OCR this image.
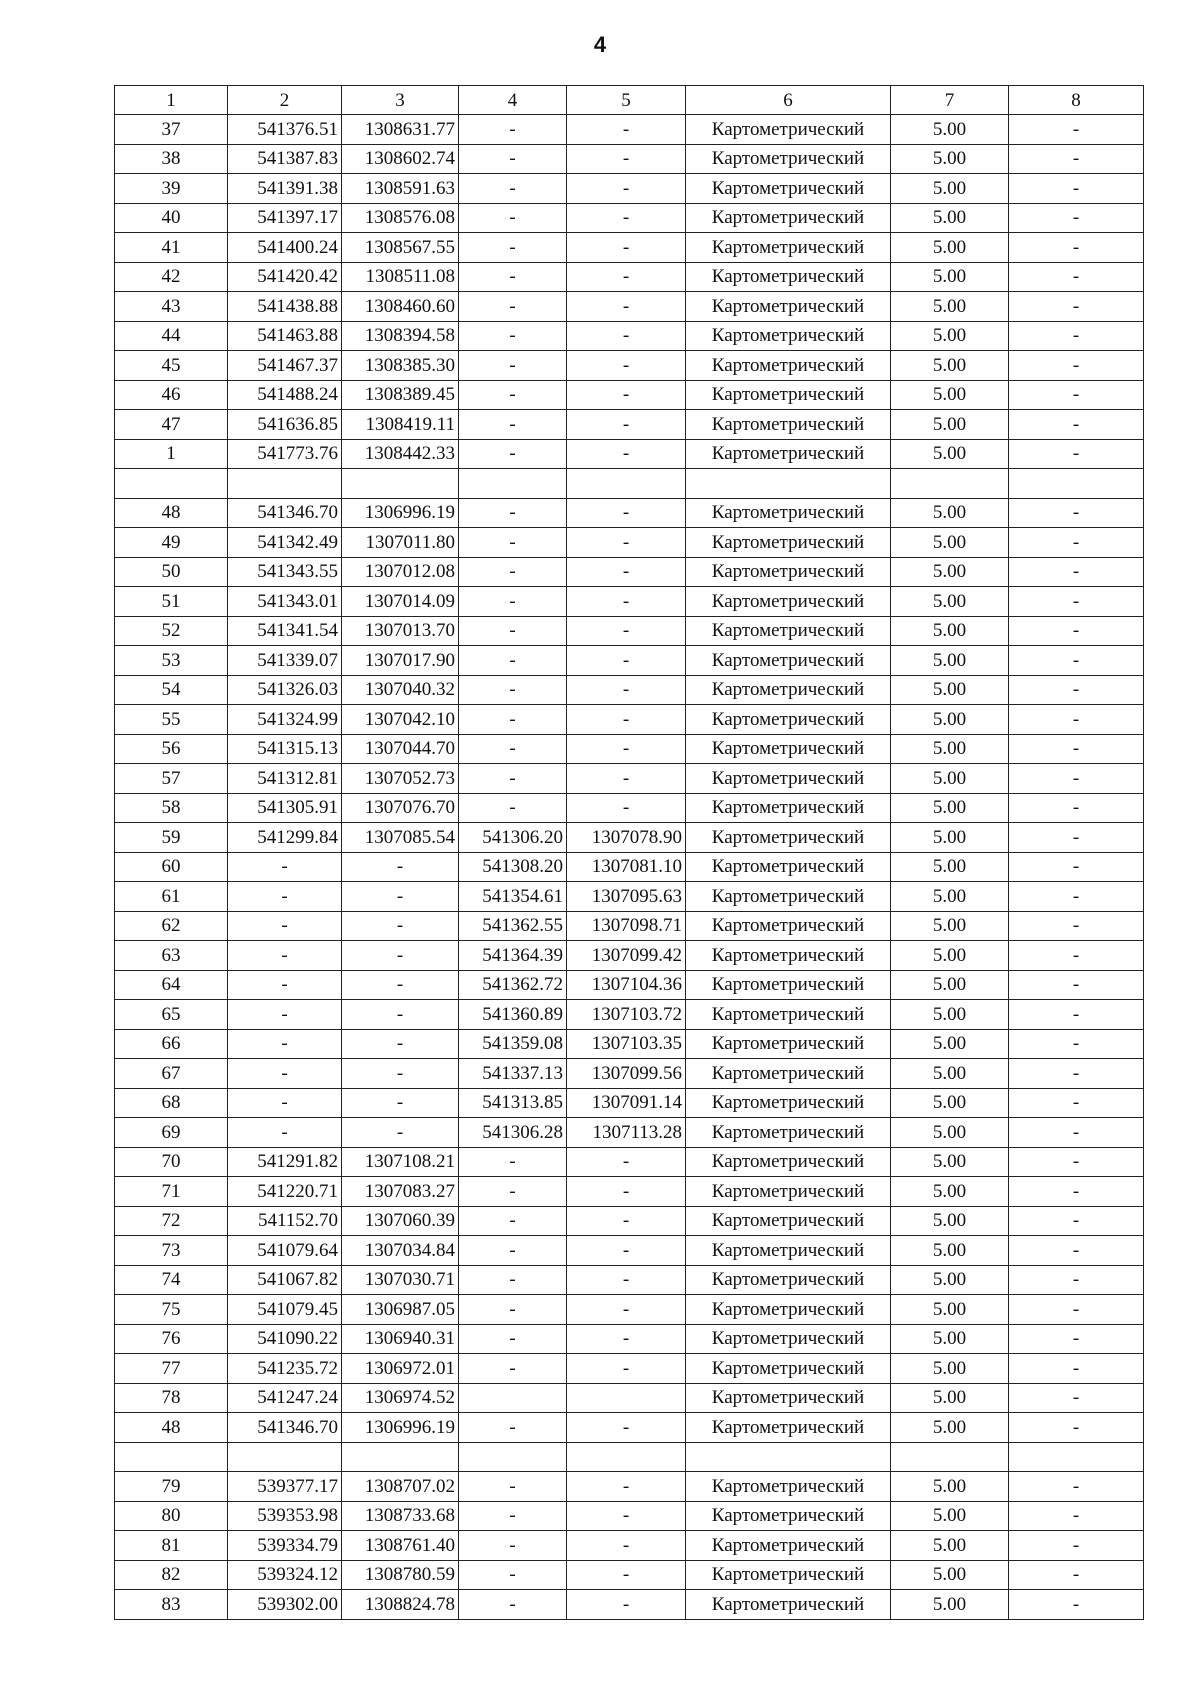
4
1	2	3	4	5	6	7	8
37	541376.51	1308631.77	-	-	Картометрический	5.00	-
38	541387.83	1308602.74	-	-	Картометрический	5.00	-
39	541391.38	1308591.63	-	-	Картометрический	5.00	-
40	541397.17	1308576.08	-	-	Картометрический	5.00	-
41	541400.24	1308567.55	-	-	Картометрический	5.00	-
42	541420.42	1308511.08	-	-	Картометрический	5.00	-
43	541438.88	1308460.60	-	-	Картометрический	5.00	-
44	541463.88	1308394.58	-	-	Картометрический	5.00	-
45	541467.37	1308385.30	-	-	Картометрический	5.00	-
46	541488.24	1308389.45	-	-	Картометрический	5.00	-
47	541636.85	1308419.11	-	-	Картометрический	5.00	-
1	541773.76	1308442.33	-	-	Картометрический	5.00	-

48	541346.70	1306996.19	-	-	Картометрический	5.00	-
49	541342.49	1307011.80	-	-	Картометрический	5.00	-
50	541343.55	1307012.08	-	-	Картометрический	5.00	-
51	541343.01	1307014.09	-	-	Картометрический	5.00	-
52	541341.54	1307013.70	-	-	Картометрический	5.00	-
53	541339.07	1307017.90	-	-	Картометрический	5.00	-
54	541326.03	1307040.32	-	-	Картометрический	5.00	-
55	541324.99	1307042.10	-	-	Картометрический	5.00	-
56	541315.13	1307044.70	-	-	Картометрический	5.00	-
57	541312.81	1307052.73	-	-	Картометрический	5.00	-
58	541305.91	1307076.70	-	-	Картометрический	5.00	-
59	541299.84	1307085.54	541306.20	1307078.90	Картометрический	5.00	-
60	-	-	541308.20	1307081.10	Картометрический	5.00	-
61	-	-	541354.61	1307095.63	Картометрический	5.00	-
62	-	-	541362.55	1307098.71	Картометрический	5.00	-
63	-	-	541364.39	1307099.42	Картометрический	5.00	-
64	-	-	541362.72	1307104.36	Картометрический	5.00	-
65	-	-	541360.89	1307103.72	Картометрический	5.00	-
66	-	-	541359.08	1307103.35	Картометрический	5.00	-
67	-	-	541337.13	1307099.56	Картометрический	5.00	-
68	-	-	541313.85	1307091.14	Картометрический	5.00	-
69	-	-	541306.28	1307113.28	Картометрический	5.00	-
70	541291.82	1307108.21	-	-	Картометрический	5.00	-
71	541220.71	1307083.27	-	-	Картометрический	5.00	-
72	541152.70	1307060.39	-	-	Картометрический	5.00	-
73	541079.64	1307034.84	-	-	Картометрический	5.00	-
74	541067.82	1307030.71	-	-	Картометрический	5.00	-
75	541079.45	1306987.05	-	-	Картометрический	5.00	-
76	541090.22	1306940.31	-	-	Картометрический	5.00	-
77	541235.72	1306972.01	-	-	Картометрический	5.00	-
78	541247.24	1306974.52			Картометрический	5.00	-
48	541346.70	1306996.19	-	-	Картометрический	5.00	-

79	539377.17	1308707.02	-	-	Картометрический	5.00	-
80	539353.98	1308733.68	-	-	Картометрический	5.00	-
81	539334.79	1308761.40	-	-	Картометрический	5.00	-
82	539324.12	1308780.59	-	-	Картометрический	5.00	-
83	539302.00	1308824.78	-	-	Картометрический	5.00	-
